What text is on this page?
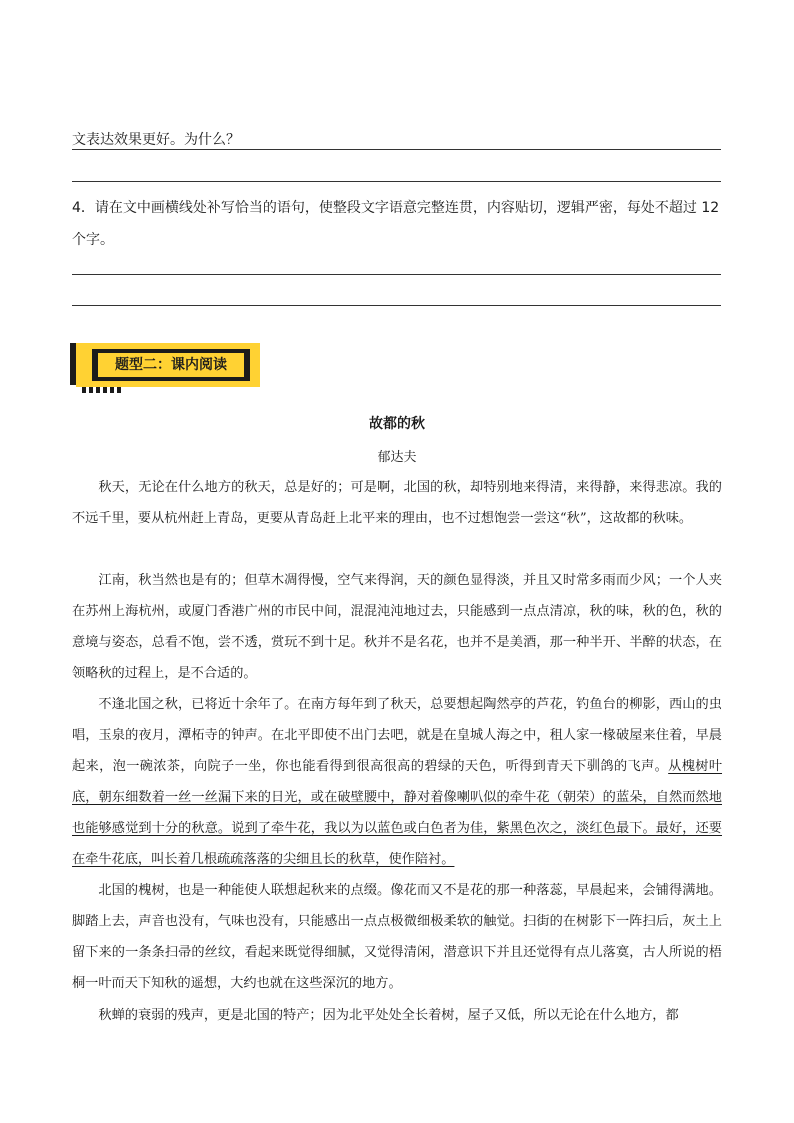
文表达效果更好。为什么？
4．请在文中画横线处补写恰当的语句，使整段文字语意完整连贯，内容贴切，逻辑严密，每处不超过 12
个字。
题型二：课内阅读
故都的秋
郁达夫

秋天，无论在什么地方的秋天，总是好的；可是啊，北国的秋，却特别地来得清，来得静，来得悲凉。我的不远千里，要从杭州赶上青岛，更要从青岛赶上北平来的理由，也不过想饱尝一尝这“秋”，这故都的秋味。

江南，秋当然也是有的；但草木凋得慢，空气来得润，天的颜色显得淡，并且又时常多雨而少风；一个人夹在苏州上海杭州，或厦门香港广州的市民中间，混混沌沌地过去，只能感到一点点清凉，秋的味，秋的色，秋的意境与姿态，总看不饱，尝不透，赏玩不到十足。秋并不是名花，也并不是美酒，那一种半开、半醉的状态，在领略秋的过程上，是不合适的。

不逢北国之秋，已将近十余年了。在南方每年到了秋天，总要想起陶然亭的芦花，钓鱼台的柳影，西山的虫唱，玉泉的夜月，潭柘寺的钟声。在北平即使不出门去吧，就是在皇城人海之中，租人家一椽破屋来住着，早晨起来，泡一碗浓茶，向院子一坐，你也能看得到很高很高的碧绿的天色，听得到青天下驯鸽的飞声。从槐树叶底，朝东细数着一丝一丝漏下来的日光，或在破壁腰中，静对着像喇叭似的牵牛花（朝荣）的蓝朵，自然而然地也能够感觉到十分的秋意。说到了牵牛花，我以为以蓝色或白色者为佳，紫黑色次之，淡红色最下。最好，还要在牵牛花底，叫长着几根疏疏落落的尖细且长的秋草，使作陪衬。

北国的槐树，也是一种能使人联想起秋来的点缀。像花而又不是花的那一种落蕊，早晨起来，会铺得满地。脚踏上去，声音也没有，气味也没有，只能感出一点点极微细极柔软的触觉。扫街的在树影下一阵扫后，灰土上留下来的一条条扫帚的丝纹，看起来既觉得细腻，又觉得清闲，潜意识下并且还觉得有点儿落寞，古人所说的梧桐一叶而天下知秋的遥想，大约也就在这些深沉的地方。

秋蝉的衰弱的残声，更是北国的特产；因为北平处处全长着树，屋子又低，所以无论在什么地方，都
